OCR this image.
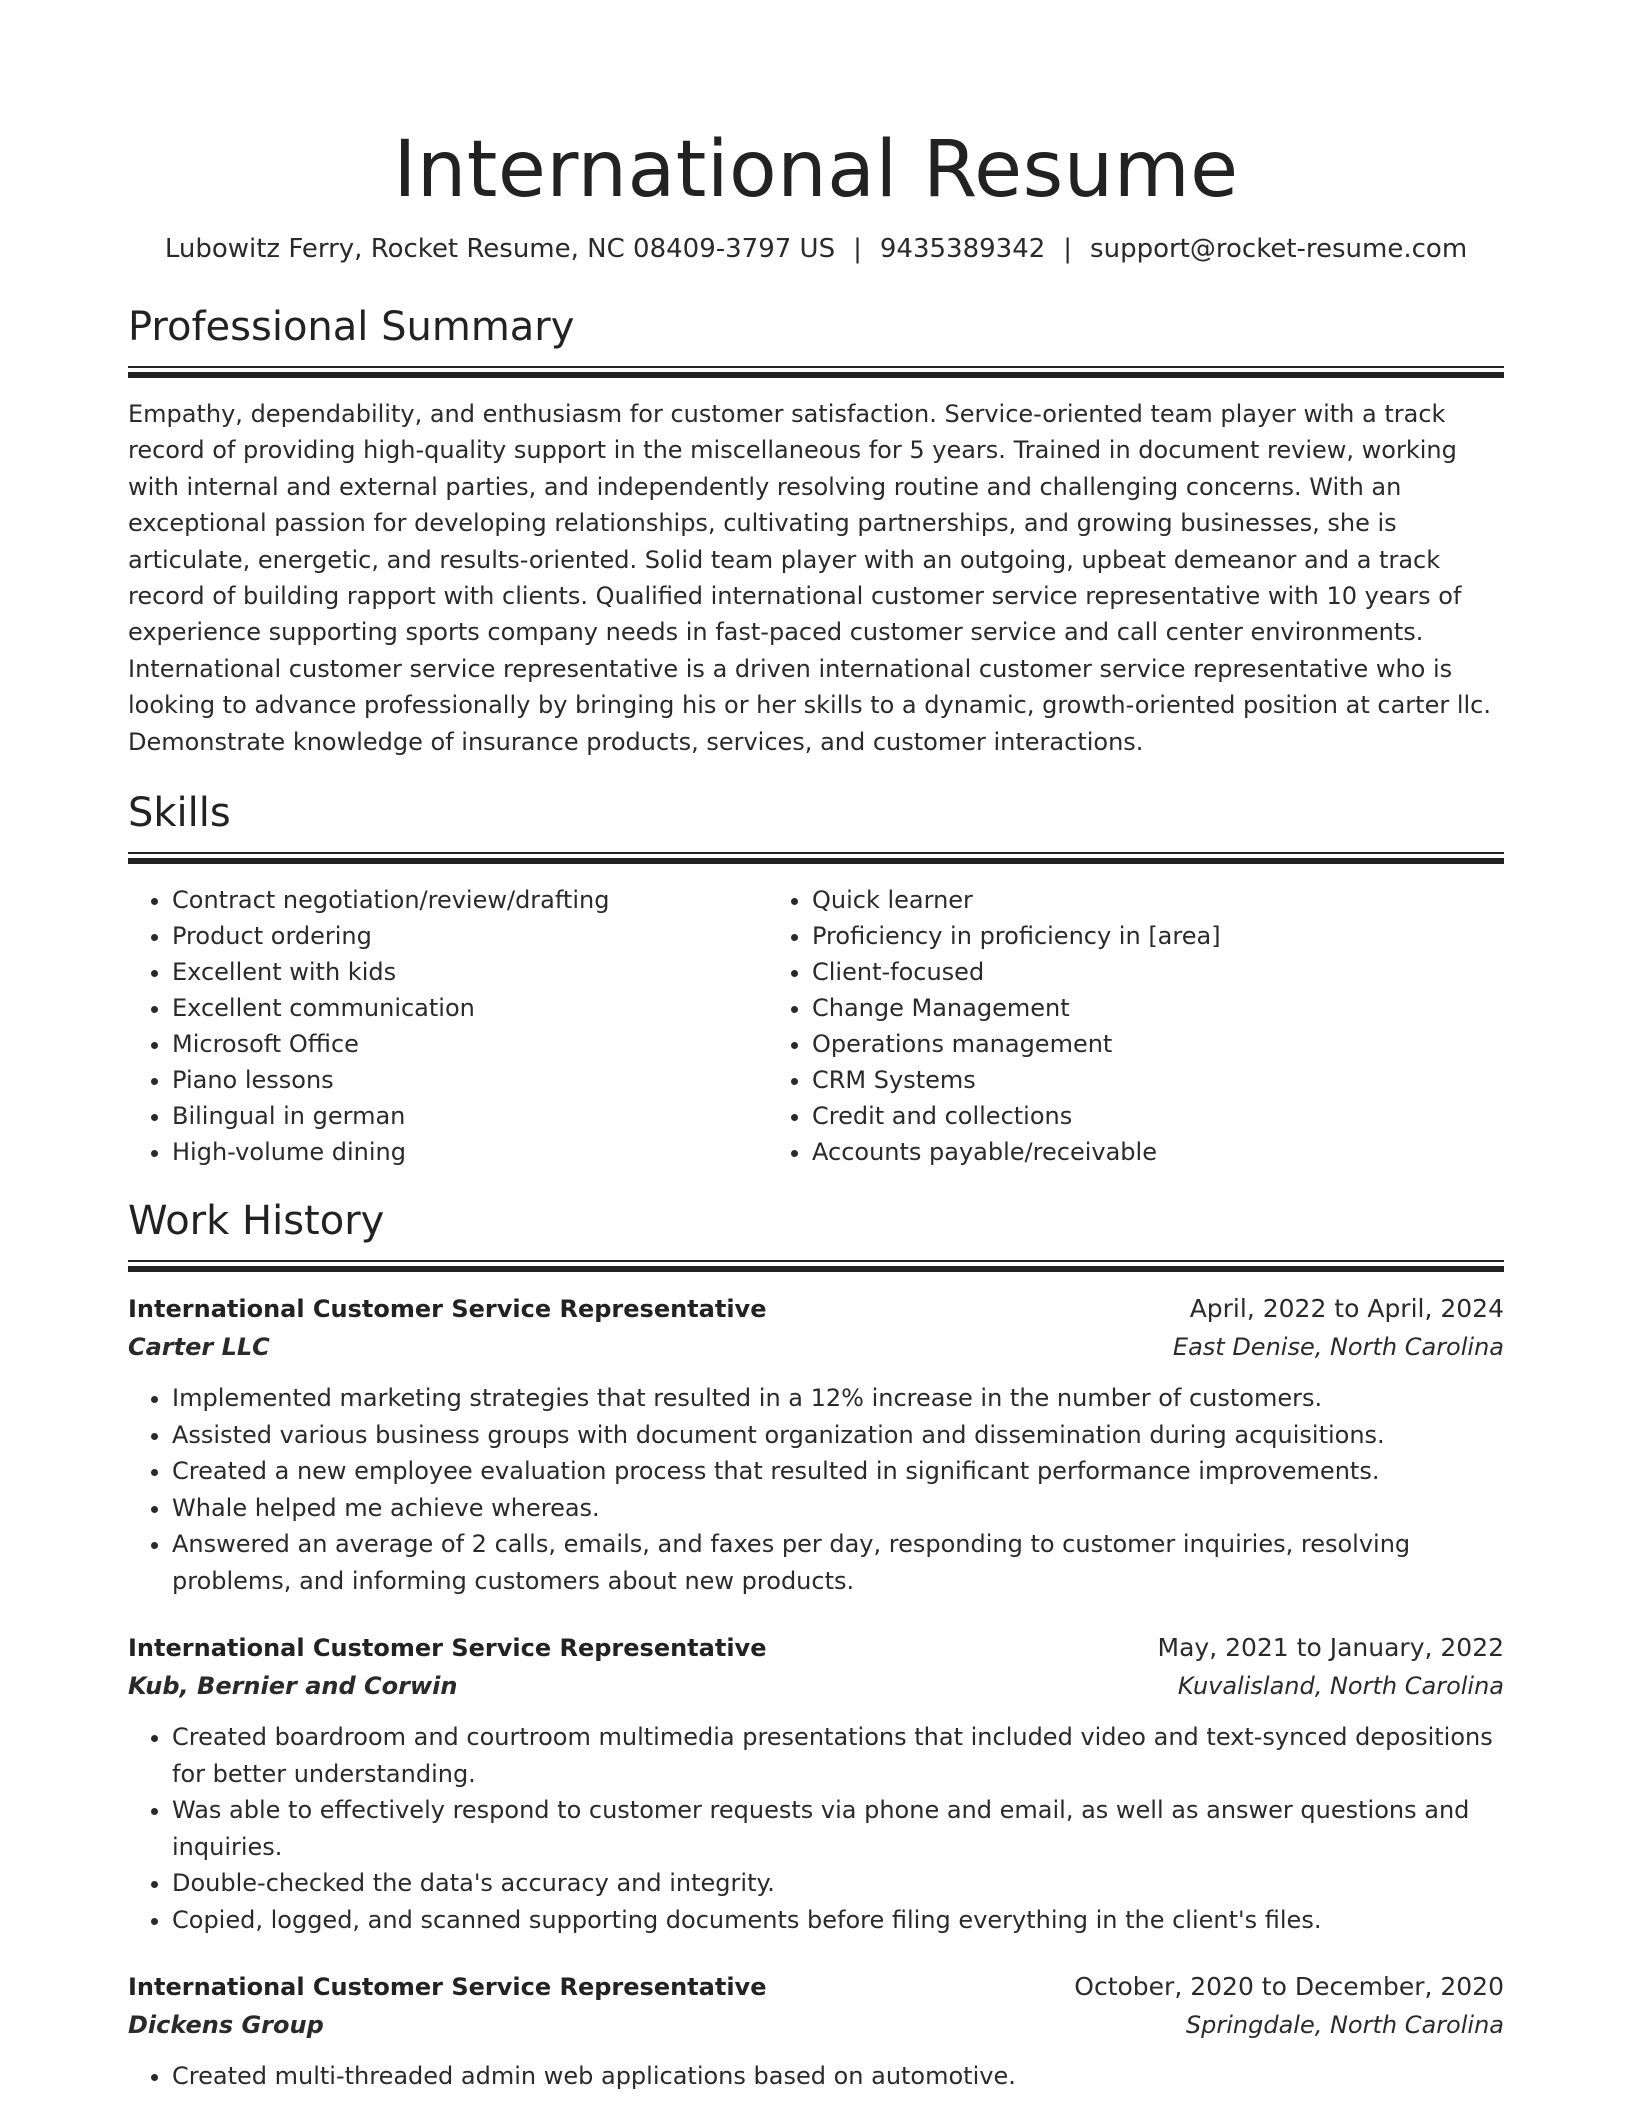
International Resume
Lubowitz Ferry, Rocket Resume, NC 08409-3797 US | 9435389342 | support@rocket-resume.com
Professional Summary

Empathy, dependability, and enthusiasm for customer satisfaction. Service-oriented team player with a track record of providing high-quality support in the miscellaneous for 5 years. Trained in document review, working with internal and external parties, and independently resolving routine and challenging concerns. With an exceptional passion for developing relationships, cultivating partnerships, and growing businesses, she is articulate, energetic, and results-oriented. Solid team player with an outgoing, upbeat demeanor and a track record of building rapport with clients. Qualified international customer service representative with 10 years of experience supporting sports company needs in fast-paced customer service and call center environments. International customer service representative is a driven international customer service representative who is looking to advance professionally by bringing his or her skills to a dynamic, growth-oriented position at carter llc. Demonstrate knowledge of insurance products, services, and customer interactions.

Skills
• Contract negotiation/review/drafting
• Product ordering
• Excellent with kids
• Excellent communication
• Microsoft Office
• Piano lessons
• Bilingual in german
• High-volume dining
• Quick learner
• Proficiency in proficiency in [area]
• Client-focused
• Change Management
• Operations management
• CRM Systems
• Credit and collections
• Accounts payable/receivable
Work History
International Customer Service Representative	April, 2022 to April, 2024
Carter LLC	East Denise, North Carolina
• Implemented marketing strategies that resulted in a 12% increase in the number of customers.
• Assisted various business groups with document organization and dissemination during acquisitions.
• Created a new employee evaluation process that resulted in significant performance improvements.
• Whale helped me achieve whereas.
• Answered an average of 2 calls, emails, and faxes per day, responding to customer inquiries, resolving problems, and informing customers about new products.
International Customer Service Representative	May, 2021 to January, 2022
Kub, Bernier and Corwin	Kuvalisland, North Carolina
• Created boardroom and courtroom multimedia presentations that included video and text-synced depositions for better understanding.
• Was able to effectively respond to customer requests via phone and email, as well as answer questions and inquiries.
• Double-checked the data's accuracy and integrity.
• Copied, logged, and scanned supporting documents before filing everything in the client's files.
International Customer Service Representative	October, 2020 to December, 2020
Dickens Group	Springdale, North Carolina
• Created multi-threaded admin web applications based on automotive.
